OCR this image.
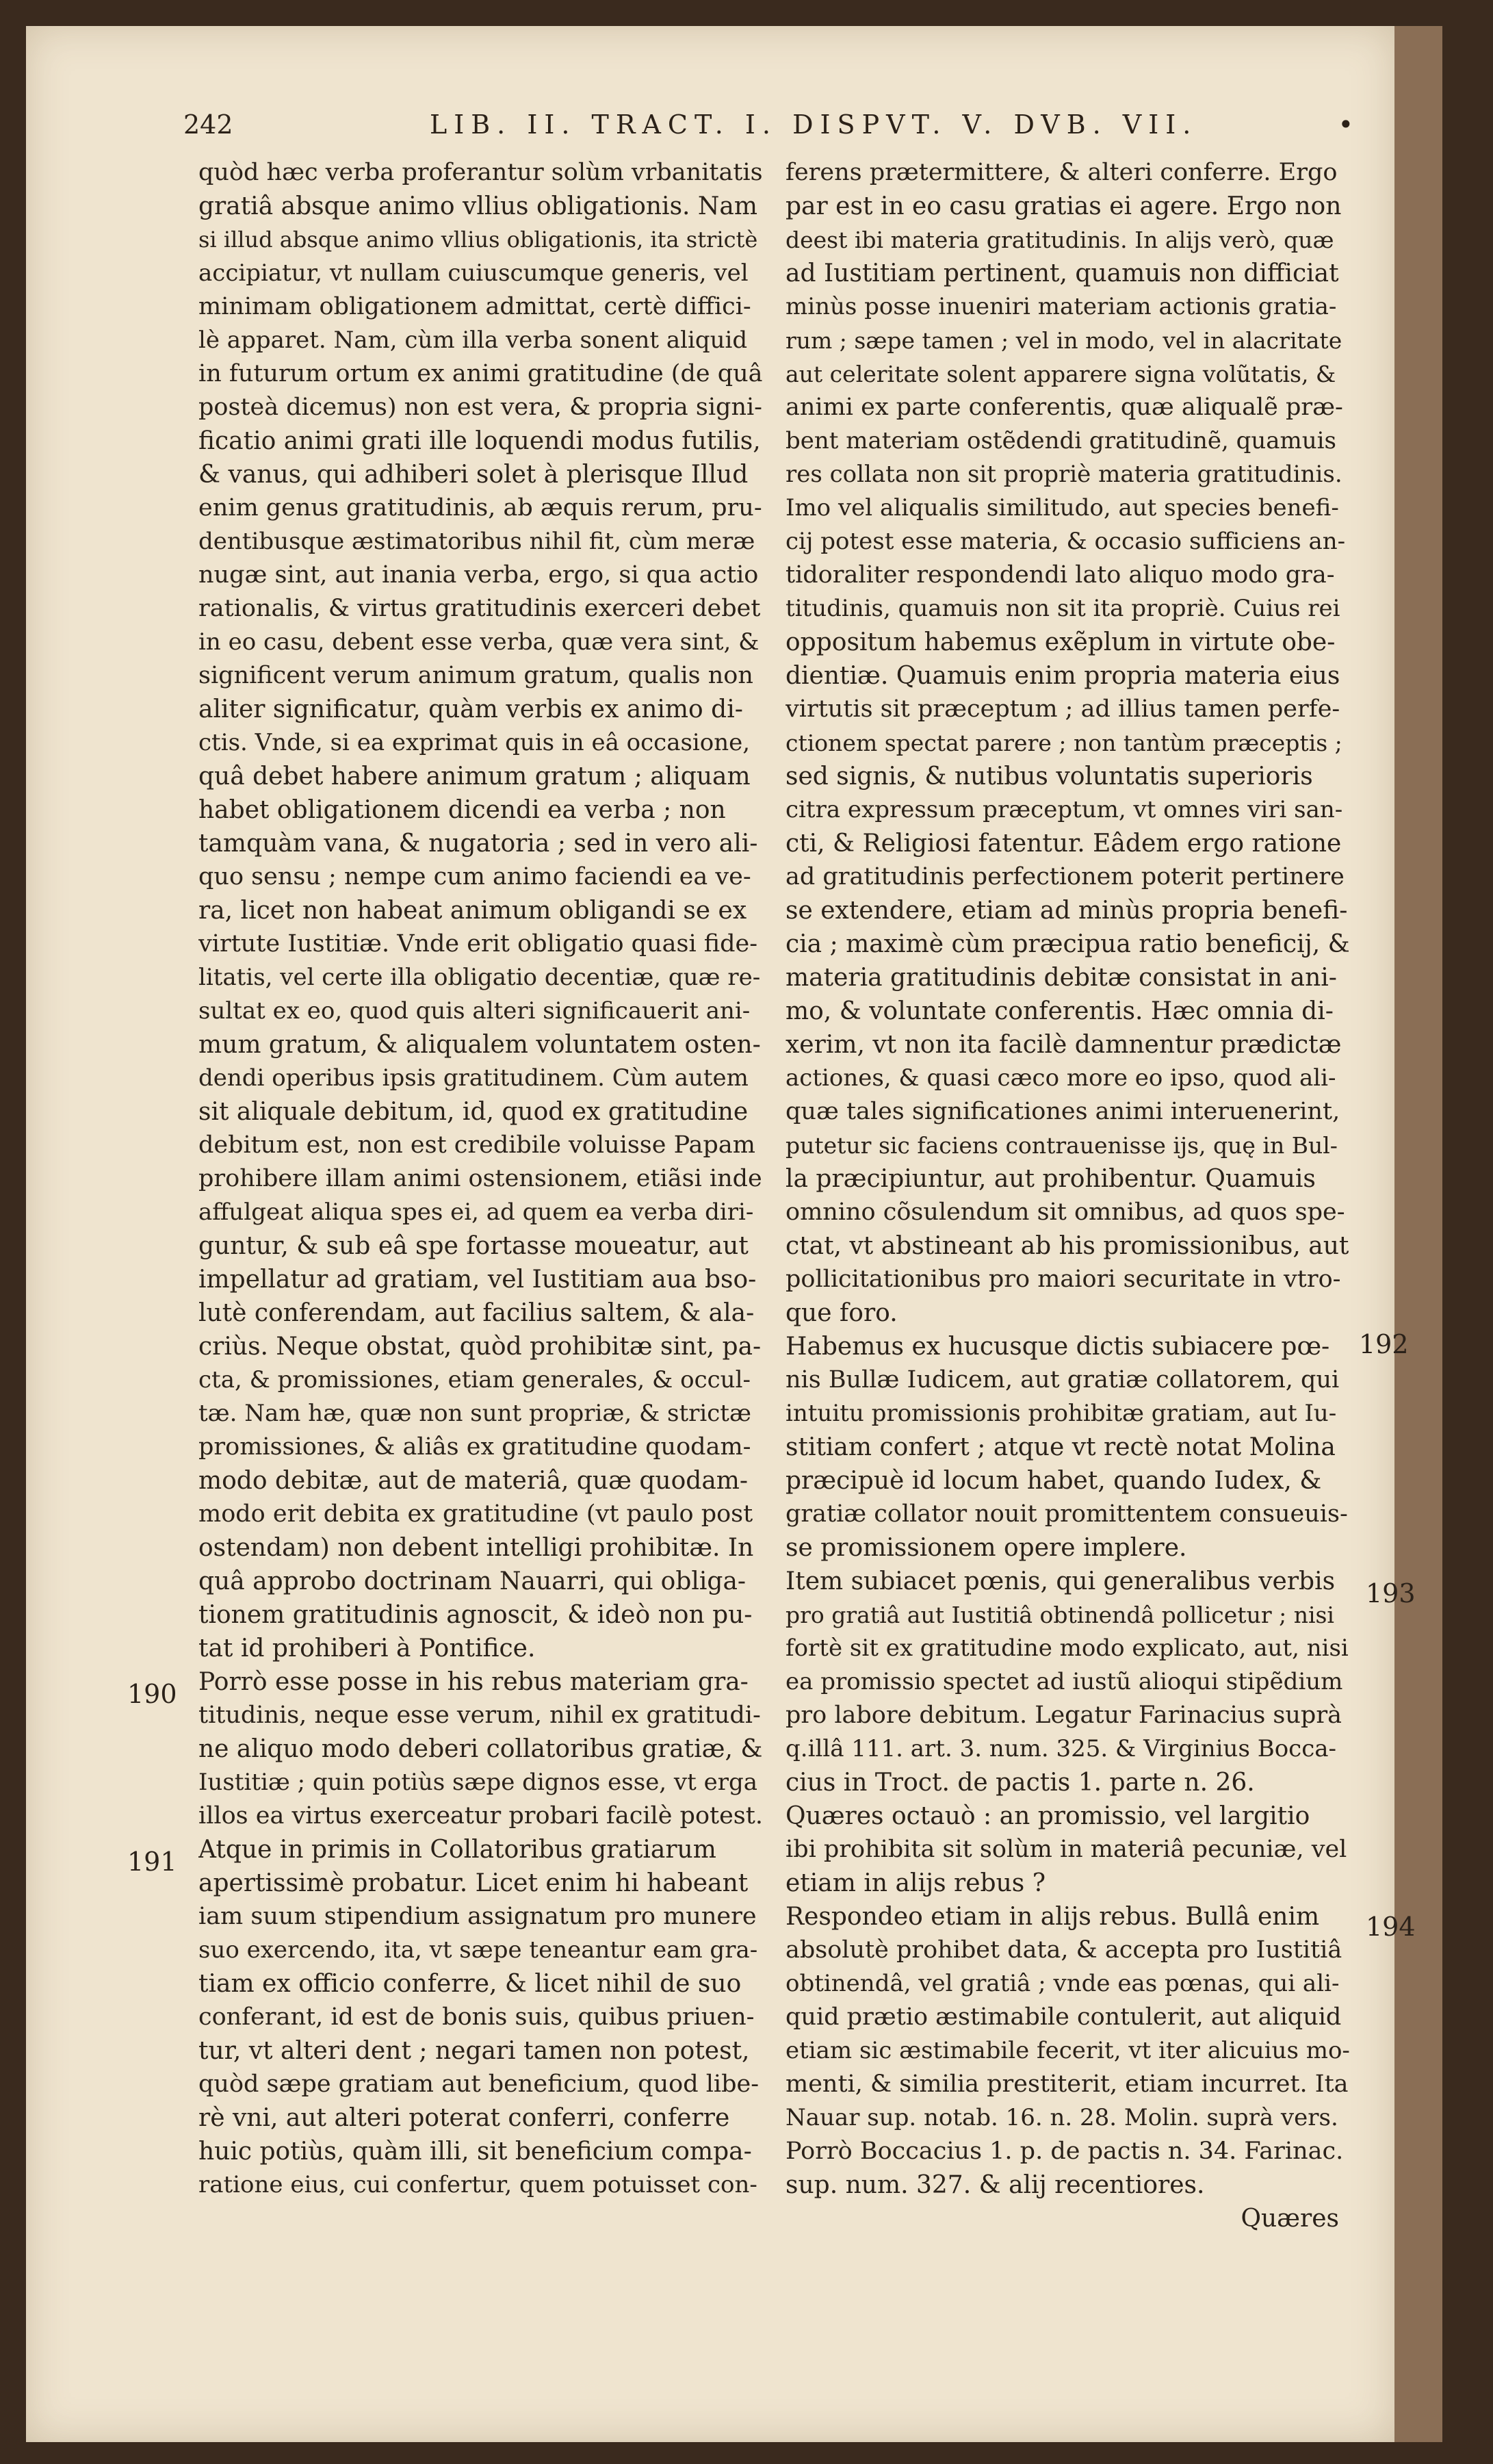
242	LIB. II. TRACT. I. DISPVT. V. DVB. VII.	•
quòd hæc verba proferantur solùm vrbanitatis
gratiâ absque animo vllius obligationis. Nam
si illud absque animo vllius obligationis, ita strictè
accipiatur, vt nullam cuiuscumque generis, vel
minimam obligationem admittat, certè diffici-
lè apparet. Nam, cùm illa verba sonent aliquid
in futurum ortum ex animi gratitudine (de quâ
posteà dicemus) non est vera, & propria signi-
ficatio animi grati ille loquendi modus futilis,
& vanus, qui adhiberi solet à plerisque Illud
enim genus gratitudinis, ab æquis rerum, pru-
dentibusque æstimatoribus nihil fit, cùm meræ
nugæ sint, aut inania verba, ergo, si qua actio
rationalis, & virtus gratitudinis exerceri debet
in eo casu, debent esse verba, quæ vera sint, &
significent verum animum gratum, qualis non
aliter significatur, quàm verbis ex animo di-
ctis. Vnde, si ea exprimat quis in eâ occasione,
quâ debet habere animum gratum ; aliquam
habet obligationem dicendi ea verba ; non
tamquàm vana, & nugatoria ; sed in vero ali-
quo sensu ; nempe cum animo faciendi ea ve-
ra, licet non habeat animum obligandi se ex
virtute Iustitiæ. Vnde erit obligatio quasi fide-
litatis, vel certe illa obligatio decentiæ, quæ re-
sultat ex eo, quod quis alteri significauerit ani-
mum gratum, & aliqualem voluntatem osten-
dendi operibus ipsis gratitudinem. Cùm autem
sit aliquale debitum, id, quod ex gratitudine
debitum est, non est credibile voluisse Papam
prohibere illam animi ostensionem, etiãsi inde
affulgeat aliqua spes ei, ad quem ea verba diri-
guntur, & sub eâ spe fortasse moueatur, aut
impellatur ad gratiam, vel Iustitiam aua bso-
lutè conferendam, aut facilius saltem, & ala-
criùs. Neque obstat, quòd prohibitæ sint, pa-
cta, & promissiones, etiam generales, & occul-
tæ. Nam hæ, quæ non sunt propriæ, & strictæ
promissiones, & aliâs ex gratitudine quodam-
modo debitæ, aut de materiâ, quæ quodam-
modo erit debita ex gratitudine (vt paulo post
ostendam) non debent intelligi prohibitæ. In
quâ approbo doctrinam Nauarri, qui obliga-
tionem gratitudinis agnoscit, & ideò non pu-
tat id prohiberi à Pontifice.
Porrò esse posse in his rebus materiam gra-
titudinis, neque esse verum, nihil ex gratitudi-
ne aliquo modo deberi collatoribus gratiæ, &
Iustitiæ ; quin potiùs sæpe dignos esse, vt erga
illos ea virtus exerceatur probari facilè potest.
Atque in primis in Collatoribus gratiarum
apertissimè probatur. Licet enim hi habeant
iam suum stipendium assignatum pro munere
suo exercendo, ita, vt sæpe teneantur eam gra-
tiam ex officio conferre, & licet nihil de suo
conferant, id est de bonis suis, quibus priuen-
tur, vt alteri dent ; negari tamen non potest,
quòd sæpe gratiam aut beneficium, quod libe-
rè vni, aut alteri poterat conferri, conferre
huic potiùs, quàm illi, sit beneficium compa-
ratione eius, cui confertur, quem potuisset con-
ferens prætermittere, & alteri conferre. Ergo
par est in eo casu gratias ei agere. Ergo non
deest ibi materia gratitudinis. In alijs verò, quæ
ad Iustitiam pertinent, quamuis non difficiat
minùs posse inueniri materiam actionis gratia-
rum ; sæpe tamen ; vel in modo, vel in alacritate
aut celeritate solent apparere signa volũtatis, &
animi ex parte conferentis, quæ aliqualẽ præ-
bent materiam ostẽdendi gratitudinẽ, quamuis
res collata non sit propriè materia gratitudinis.
Imo vel aliqualis similitudo, aut species benefi-
cij potest esse materia, & occasio sufficiens an-
tidoraliter respondendi lato aliquo modo gra-
titudinis, quamuis non sit ita propriè. Cuius rei
oppositum habemus exẽplum in virtute obe-
dientiæ. Quamuis enim propria materia eius
virtutis sit præceptum ; ad illius tamen perfe-
ctionem spectat parere ; non tantùm præceptis ;
sed signis, & nutibus voluntatis superioris
citra expressum præceptum, vt omnes viri san-
cti, & Religiosi fatentur. Eâdem ergo ratione
ad gratitudinis perfectionem poterit pertinere
se extendere, etiam ad minùs propria benefi-
cia ; maximè cùm præcipua ratio beneficij, &
materia gratitudinis debitæ consistat in ani-
mo, & voluntate conferentis. Hæc omnia di-
xerim, vt non ita facilè damnentur prædictæ
actiones, & quasi cæco more eo ipso, quod ali-
quæ tales significationes animi interuenerint,
putetur sic faciens contrauenisse ijs, quę in Bul-
la præcipiuntur, aut prohibentur. Quamuis
omnino cõsulendum sit omnibus, ad quos spe-
ctat, vt abstineant ab his promissionibus, aut
pollicitationibus pro maiori securitate in vtro-
que foro.
Habemus ex hucusque dictis subiacere pœ-
nis Bullæ Iudicem, aut gratiæ collatorem, qui
intuitu promissionis prohibitæ gratiam, aut Iu-
stitiam confert ; atque vt rectè notat Molina
præcipuè id locum habet, quando Iudex, &
gratiæ collator nouit promittentem consueuis-
se promissionem opere implere.
Item subiacet pœnis, qui generalibus verbis
pro gratiâ aut Iustitiâ obtinendâ pollicetur ; nisi
fortè sit ex gratitudine modo explicato, aut, nisi
ea promissio spectet ad iustũ alioqui stipẽdium
pro labore debitum. Legatur Farinacius suprà
q.illâ 111. art. 3. num. 325. & Virginius Bocca-
cius in Troct. de pactis 1. parte n. 26.
Quæres octauò : an promissio, vel largitio
ibi prohibita sit solùm in materiâ pecuniæ, vel
etiam in alijs rebus ?
Respondeo etiam in alijs rebus. Bullâ enim
absolutè prohibet data, & accepta pro Iustitiâ
obtinendâ, vel gratiâ ; vnde eas pœnas, qui ali-
quid prætio æstimabile contulerit, aut aliquid
etiam sic æstimabile fecerit, vt iter alicuius mo-
menti, & similia prestiterit, etiam incurret. Ita
Nauar sup. notab. 16. n. 28. Molin. suprà vers.
Porrò Boccacius 1. p. de pactis n. 34. Farinac.
sup. num. 327. & alij recentiores.
Quæres
190
191
192
193
194
